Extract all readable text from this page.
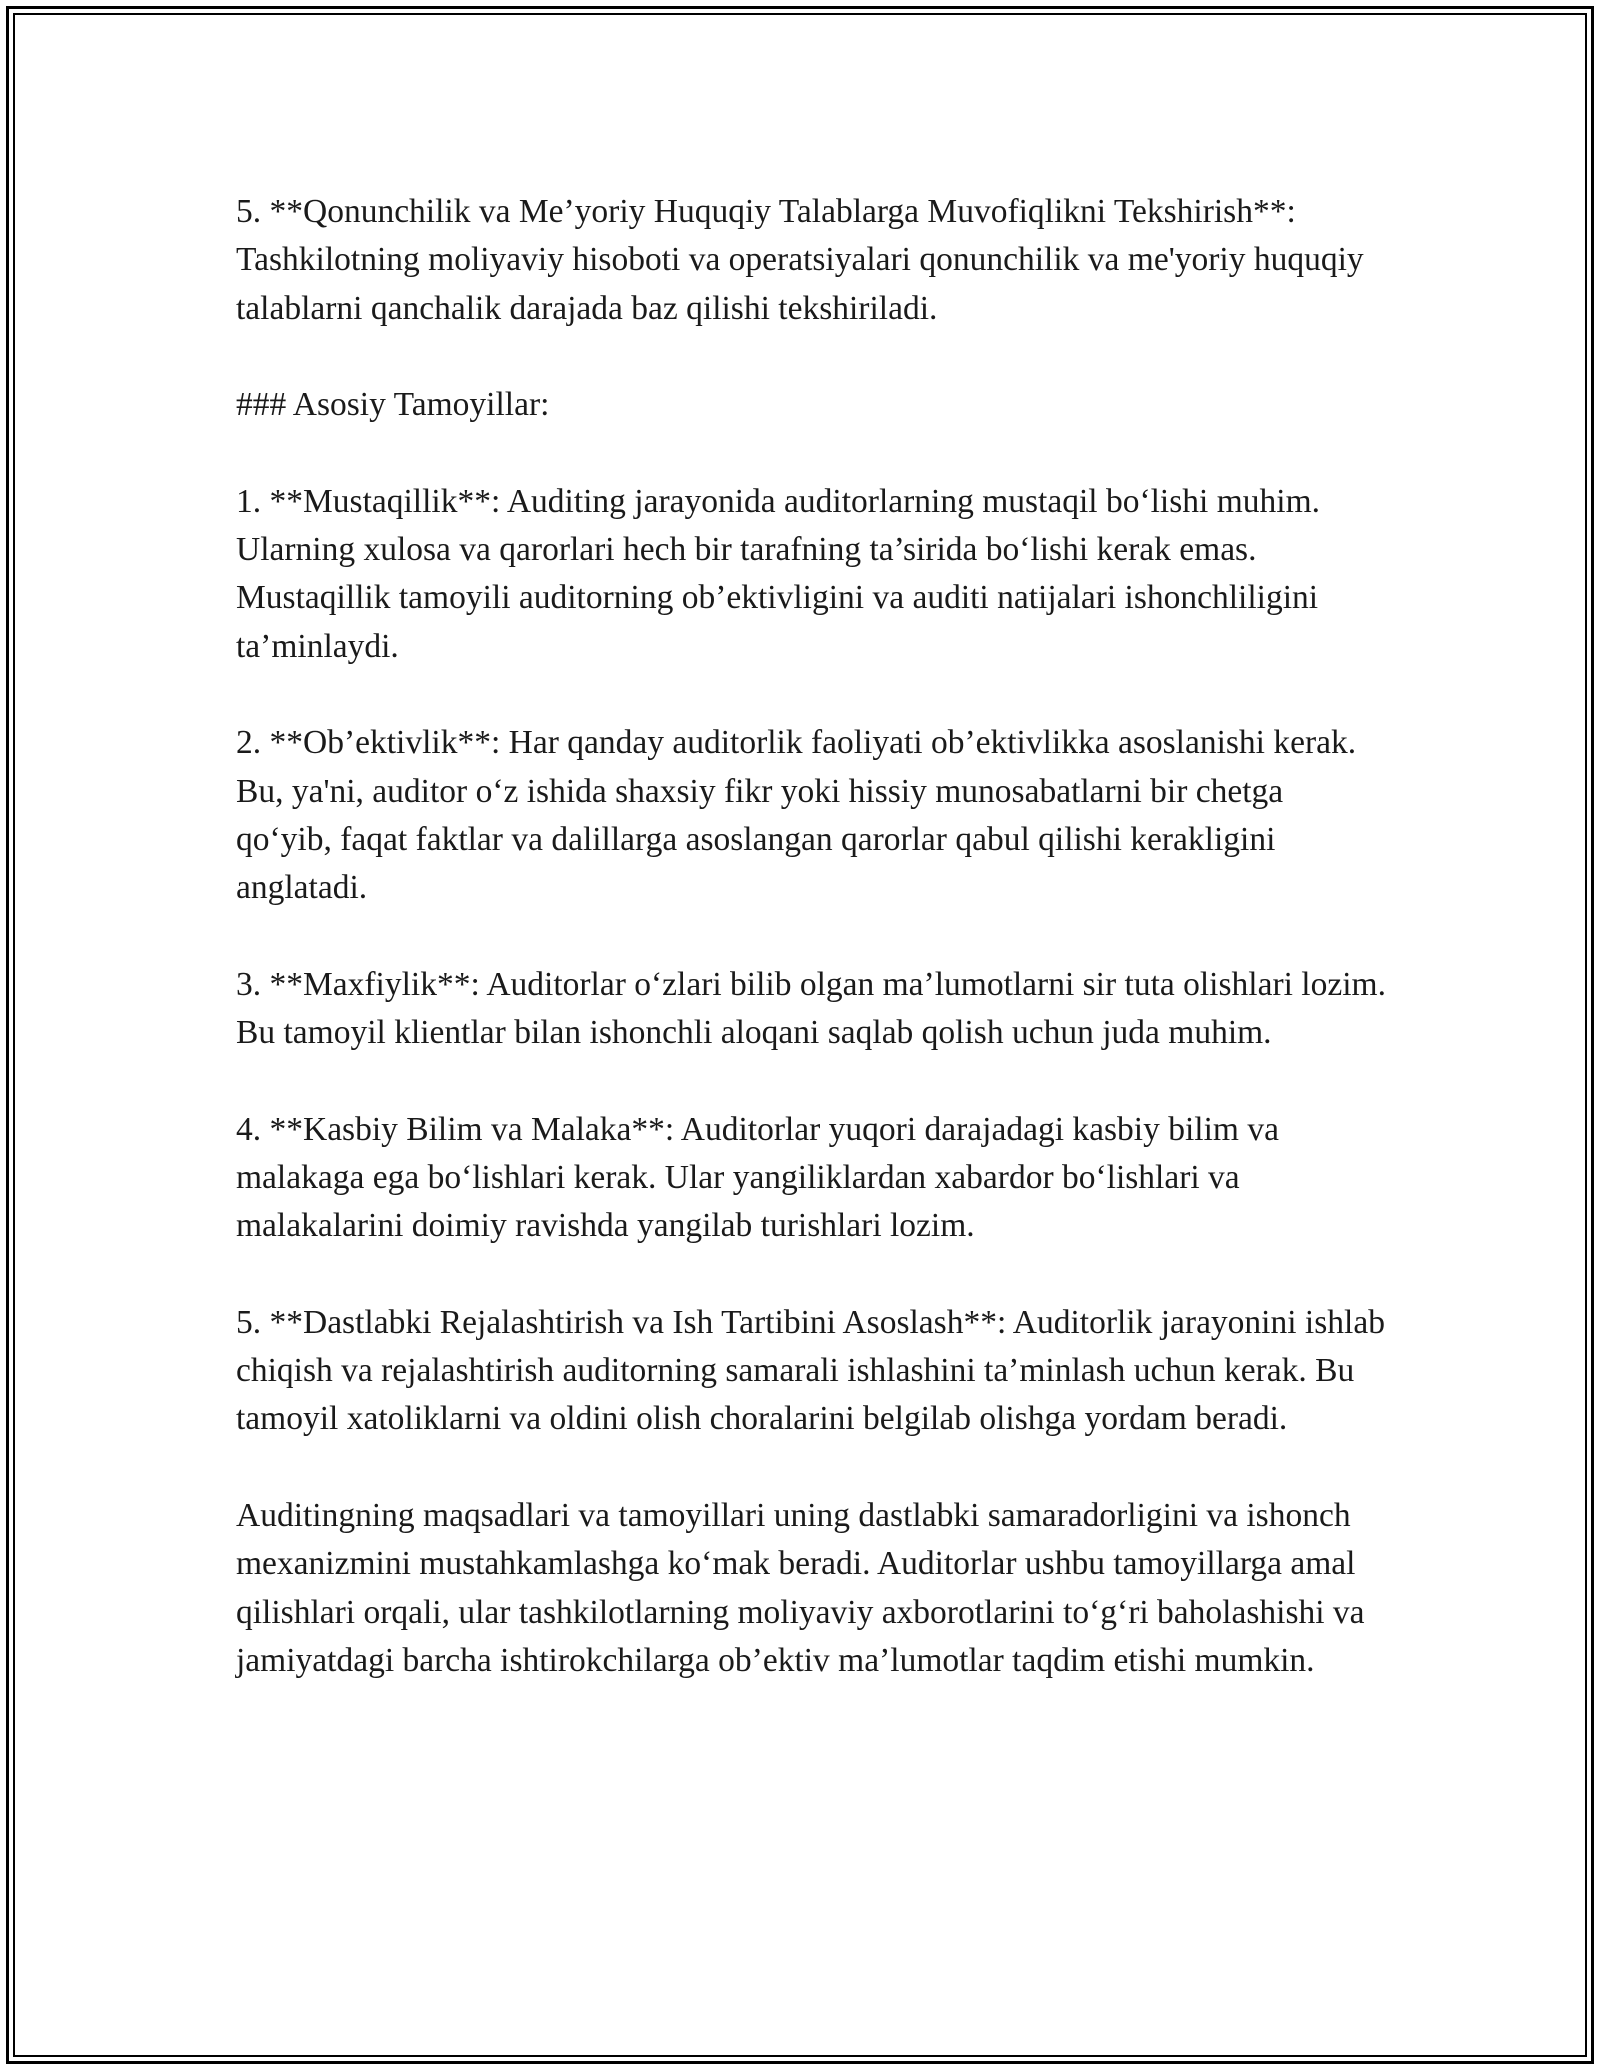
5. **Qonunchilik va Me’yoriy Huquqiy Talablarga Muvofiqlikni Tekshirish**: Tashkilotning moliyaviy hisoboti va operatsiyalari qonunchilik va me'yoriy huquqiy talablarni qanchalik darajada baz qilishi tekshiriladi.

### Asosiy Tamoyillar:

1. **Mustaqillik**: Auditing jarayonida auditorlarning mustaqil bo‘lishi muhim. Ularning xulosa va qarorlari hech bir tarafning ta’sirida bo‘lishi kerak emas. Mustaqillik tamoyili auditorning ob’ektivligini va auditi natijalari ishonchliligini ta’minlaydi.

2. **Ob’ektivlik**: Har qanday auditorlik faoliyati ob’ektivlikka asoslanishi kerak. Bu, ya'ni, auditor o‘z ishida shaxsiy fikr yoki hissiy munosabatlarni bir chetga qo‘yib, faqat faktlar va dalillarga asoslangan qarorlar qabul qilishi kerakligini anglatadi.

3. **Maxfiylik**: Auditorlar o‘zlari bilib olgan ma’lumotlarni sir tuta olishlari lozim. Bu tamoyil klientlar bilan ishonchli aloqani saqlab qolish uchun juda muhim.

4. **Kasbiy Bilim va Malaka**: Auditorlar yuqori darajadagi kasbiy bilim va malakaga ega bo‘lishlari kerak. Ular yangiliklardan xabardor bo‘lishlari va malakalarini doimiy ravishda yangilab turishlari lozim.

5. **Dastlabki Rejalashtirish va Ish Tartibini Asoslash**: Auditorlik jarayonini ishlab chiqish va rejalashtirish auditorning samarali ishlashini ta’minlash uchun kerak. Bu tamoyil xatoliklarni va oldini olish choralarini belgilab olishga yordam beradi.

Auditingning maqsadlari va tamoyillari uning dastlabki samaradorligini va ishonch mexanizmini mustahkamlashga ko‘mak beradi. Auditorlar ushbu tamoyillarga amal qilishlari orqali, ular tashkilotlarning moliyaviy axborotlarini to‘g‘ri baholashishi va jamiyatdagi barcha ishtirokchilarga ob’ektiv ma’lumotlar taqdim etishi mumkin.
